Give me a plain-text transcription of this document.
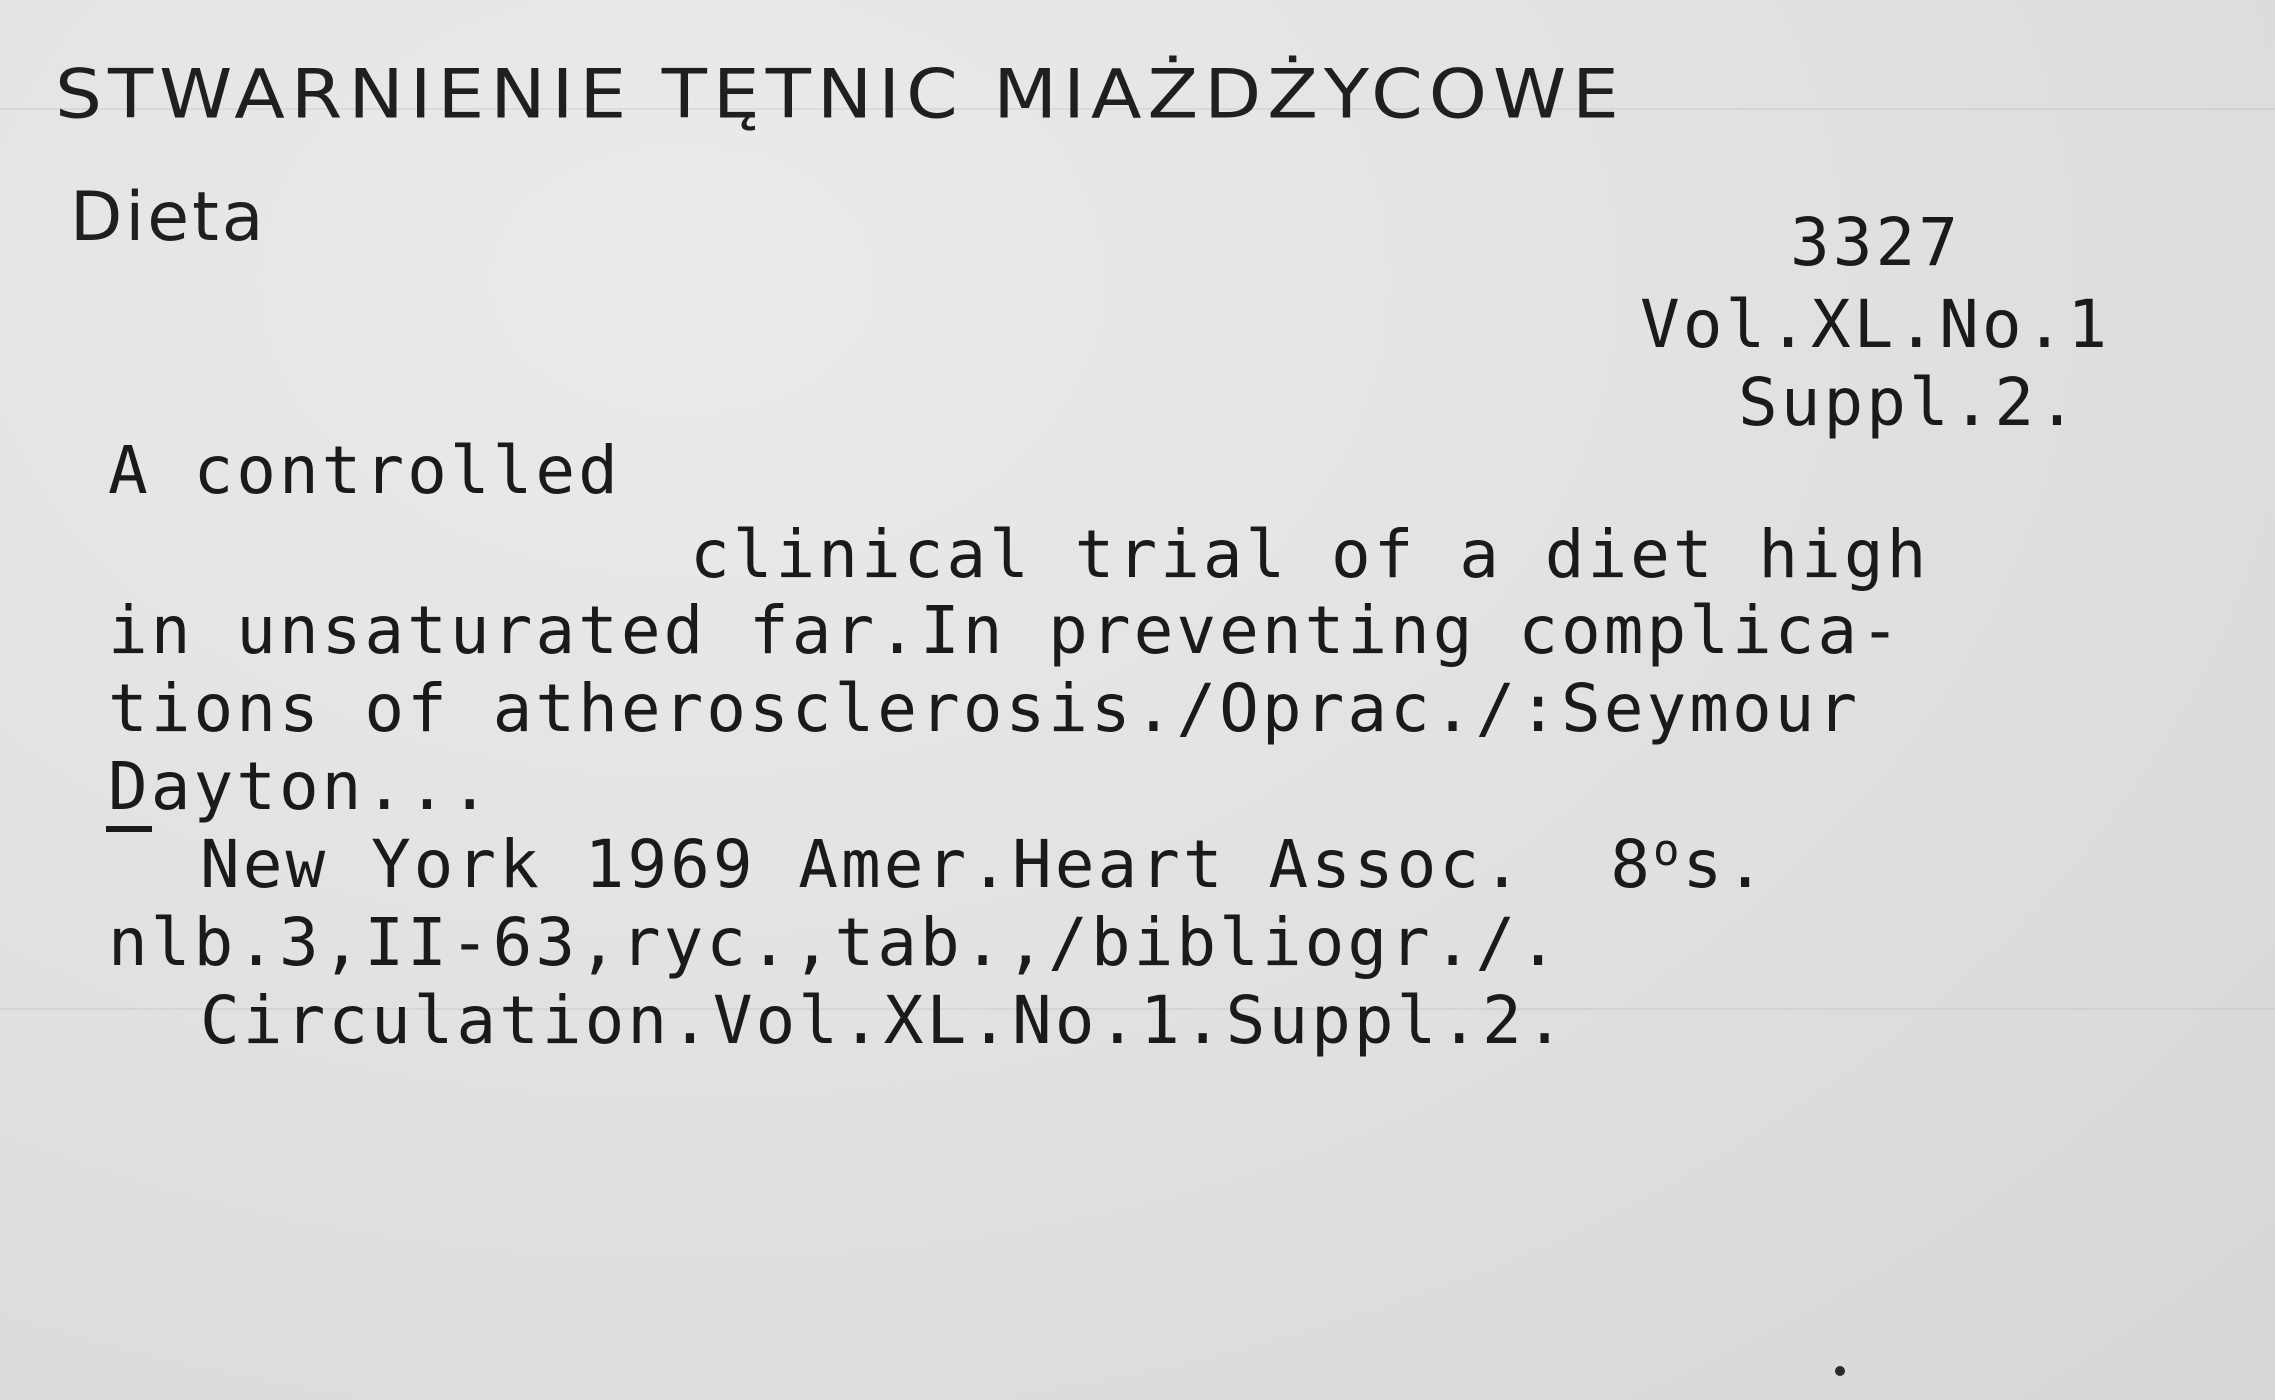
STWARNIENIE TĘTNIC MIAŻDŻYCOWE
Dieta	3327
Vol.XL.No.1
Suppl.2.
A controlled
clinical trial of a diet high
in unsaturated far.In preventing complica-
tions of atherosclerosis./Oprac./:Seymour
Dayton...
New York 1969 Amer.Heart Assoc.  8$^o$s.
nlb.3,II-63,ryc.,tab.,/bibliogr./.
Circulation.Vol.XL.No.1.Suppl.2.
